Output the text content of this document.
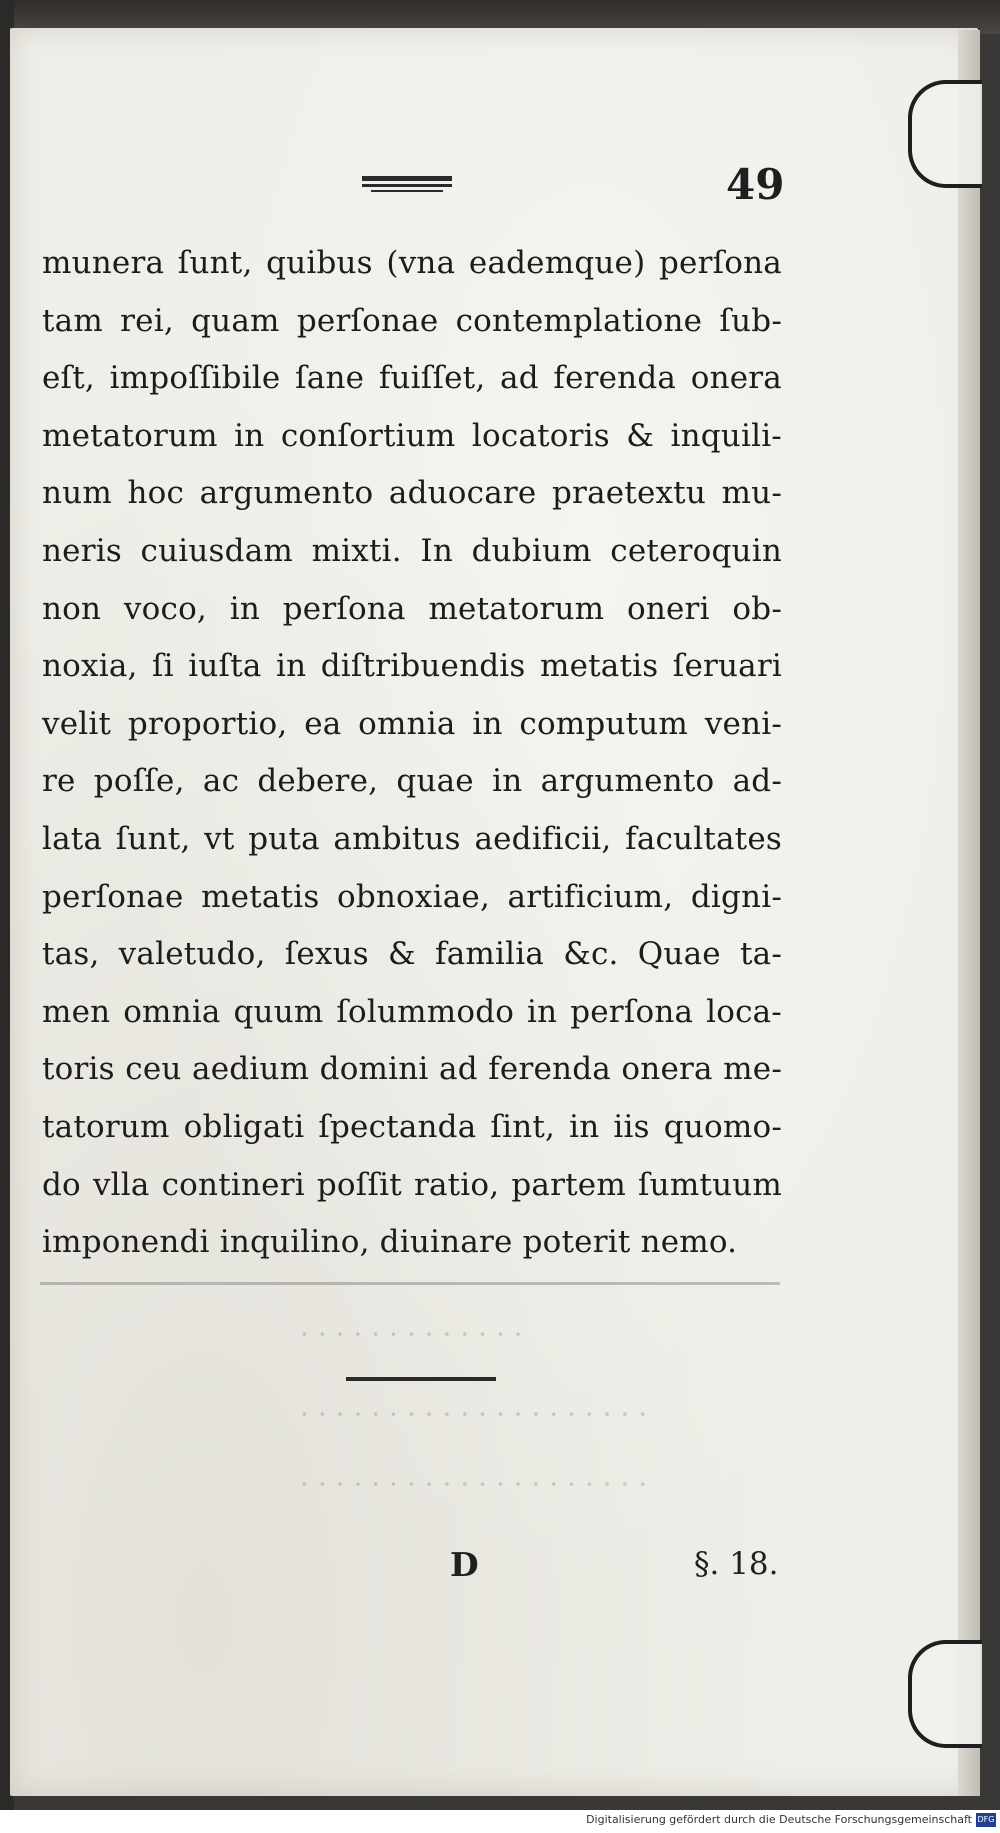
49
· · · · · · · · · · · · ·
· · · · · · · · · · · · · · · · · · · ·
· · · · · · · · · · · · · · · · · · · ·
munera ſunt, quibus (vna eademque) perſona
tam rei, quam perſonae contemplatione ſub-
eſt, impoſſibile ſane fuiſſet, ad ferenda onera
metatorum in conſortium locatoris & inquili-
num hoc argumento aduocare praetextu mu-
neris cuiusdam mixti. In dubium ceteroquin
non voco, in perſona metatorum oneri ob-
noxia, ſi iuſta in diſtribuendis metatis ſeruari
velit proportio, ea omnia in computum veni-
re poſſe, ac debere, quae in argumento ad-
lata ſunt, vt puta ambitus aedificii, facultates
perſonae metatis obnoxiae, artificium, digni-
tas, valetudo, ſexus & familia &c. Quae ta-
men omnia quum ſolummodo in perſona loca-
toris ceu aedium domini ad ferenda onera me-
tatorum obligati ſpectanda ſint, in iis quomo-
do vlla contineri poſſit ratio, partem ſumtuum
imponendi inquilino, diuinare poterit nemo.
D	§. 18.
Digitalisierung gefördert durch die Deutsche Forschungsgemeinschaft DFG
